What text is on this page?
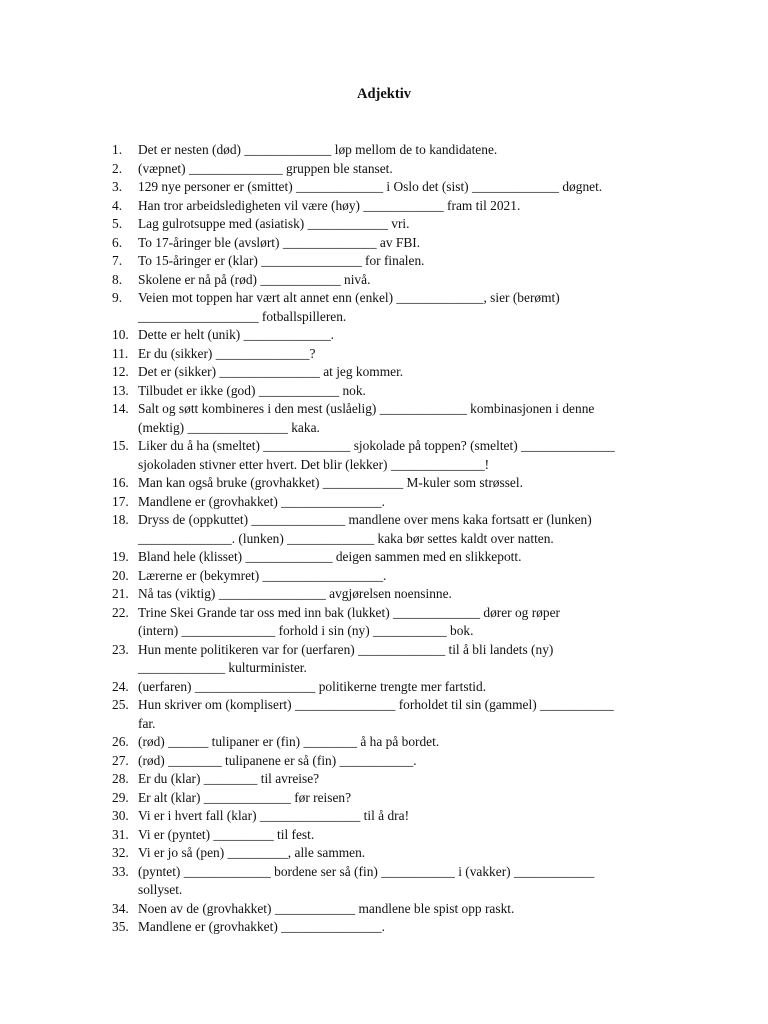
Adjektiv
1. Det er nesten (død) _____________ løp mellom de to kandidatene.
2. (væpnet) ______________ gruppen ble stanset.
3. 129 nye personer er (smittet) _____________ i Oslo det (sist) _____________ døgnet.
4. Han tror arbeidsledigheten vil være (høy) ____________ fram til 2021.
5. Lag gulrotsuppe med (asiatisk) ____________ vri.
6. To 17-åringer ble (avslørt) ______________ av FBI.
7. To 15-åringer er (klar) _______________ for finalen.
8. Skolene er nå på (rød) ____________ nivå.
9. Veien mot toppen har vært alt annet enn (enkel) _____________, sier (berømt)
__________________ fotballspilleren.
10. Dette er helt (unik) _____________.
11. Er du (sikker) ______________?
12. Det er (sikker) _______________ at jeg kommer.
13. Tilbudet er ikke (god) ____________ nok.
14. Salt og søtt kombineres i den mest (uslåelig) _____________ kombinasjonen i denne
(mektig) _______________ kaka.
15. Liker du å ha (smeltet) _____________ sjokolade på toppen? (smeltet) ______________
sjokoladen stivner etter hvert. Det blir (lekker) ______________!
16. Man kan også bruke (grovhakket) ____________ M-kuler som strøssel.
17. Mandlene er (grovhakket) _______________.
18. Dryss de (oppkuttet) ______________ mandlene over mens kaka fortsatt er (lunken)
______________. (lunken) _____________ kaka bør settes kaldt over natten.
19. Bland hele (klisset) _____________ deigen sammen med en slikkepott.
20. Lærerne er (bekymret) __________________.
21. Nå tas (viktig) ________________ avgjørelsen noensinne.
22. Trine Skei Grande tar oss med inn bak (lukket) _____________ dører og røper
(intern) ______________ forhold i sin (ny) ___________ bok.
23. Hun mente politikeren var for (uerfaren) _____________ til å bli landets (ny)
_____________ kulturminister.
24. (uerfaren) __________________ politikerne trengte mer fartstid.
25. Hun skriver om (komplisert) _______________ forholdet til sin (gammel) ___________
far.
26. (rød) ______ tulipaner er (fin) ________ å ha på bordet.
27. (rød) ________ tulipanene er så (fin) ___________.
28. Er du (klar) ________ til avreise?
29. Er alt (klar) _____________ før reisen?
30. Vi er i hvert fall (klar) _______________ til å dra!
31. Vi er (pyntet) _________ til fest.
32. Vi er jo så (pen) _________, alle sammen.
33. (pyntet) _____________ bordene ser så (fin) ___________ i (vakker) ____________
sollyset.
34. Noen av de (grovhakket) ____________ mandlene ble spist opp raskt.
35. Mandlene er (grovhakket) _______________.
